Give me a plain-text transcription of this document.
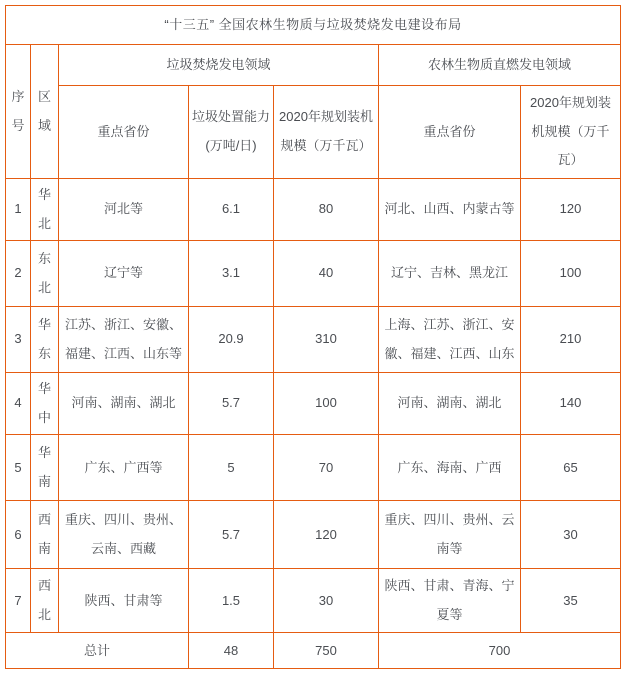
“十三五” 全国农林生物质与垃圾焚烧发电建设布局						
序号	区域	垃圾焚烧发电领域			农林生物质直燃发电领域	
		重点省份	垃圾处置能力 (万吨/日)	2020年规划装机规模（万千瓦）	重点省份	2020年规划装机规模（万千瓦）
1	华北	河北等	6.1	80	河北、山西、内蒙古等	120
2	东北	辽宁等	3.1	40	辽宁、吉林、黑龙江	100
3	华东	江苏、浙江、安徽、福建、江西、山东等	20.9	310	上海、江苏、浙江、安徽、福建、江西、山东	210
4	华中	河南、湖南、湖北	5.7	100	河南、湖南、湖北	140
5	华南	广东、广西等	5	70	广东、海南、广西	65
6	西南	重庆、四川、贵州、云南、西藏	5.7	120	重庆、四川、贵州、云南等	30
7	西北	陕西、甘肃等	1.5	30	陕西、甘肃、青海、宁夏等	35
总计			48	750	700	
